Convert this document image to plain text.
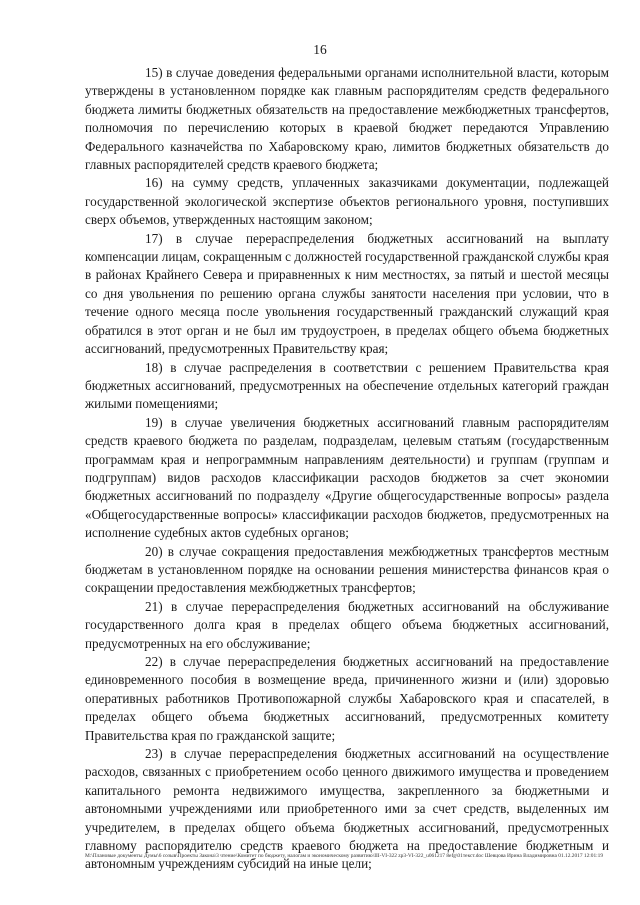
16

15) в случае доведения федеральными органами исполнительной власти, которым утверждены в установленном порядке как главным распорядителям средств федерального бюджета лимиты бюджетных обязательств на предоставление межбюджетных трансфертов, полномочия по перечислению которых в краевой бюджет передаются Управлению Федерального казначейства по Хабаровскому краю, лимитов бюджетных обязательств до главных распорядителей средств краевого бюджета;

16) на сумму средств, уплаченных заказчиками документации, подлежащей государственной экологической экспертизе объектов регионального уровня, поступивших сверх объемов, утвержденных настоящим законом;

17) в случае перераспределения бюджетных ассигнований на выплату компенсации лицам, сокращенным с должностей государственной гражданской службы края в районах Крайнего Севера и приравненных к ним местностях, за пятый и шестой месяцы со дня увольнения по решению органа службы занятости населения при условии, что в течение одного месяца после увольнения государственный гражданский служащий края обратился в этот орган и не был им трудоустроен, в пределах общего объема бюджетных ассигнований, предусмотренных Правительству края;

18) в случае распределения в соответствии с решением Правительства края бюджетных ассигнований, предусмотренных на обеспечение отдельных категорий граждан жилыми помещениями;

19) в случае увеличения бюджетных ассигнований главным распорядителям средств краевого бюджета по разделам, подразделам, целевым статьям (государственным программам края и непрограммным направлениям деятельности) и группам (группам и подгруппам) видов расходов классификации расходов бюджетов за счет экономии бюджетных ассигнований по подразделу «Другие общегосударственные вопросы» раздела «Общегосударственные вопросы» классификации расходов бюджетов, предусмотренных на исполнение судебных актов судебных органов;

20) в случае сокращения предоставления межбюджетных трансфертов местным бюджетам в установленном порядке на основании решения министерства финансов края о сокращении предоставления межбюджетных трансфертов;

21) в случае перераспределения бюджетных ассигнований на обслуживание государственного долга края в пределах общего объема бюджетных ассигнований, предусмотренных на его обслуживание;

22) в случае перераспределения бюджетных ассигнований на предоставление единовременного пособия в возмещение вреда, причиненного жизни и (или) здоровью оперативных работников Противопожарной службы Хабаровского края и спасателей, в пределах общего объема бюджетных ассигнований, предусмотренных комитету Правительства края по гражданской защите;

23) в случае перераспределения бюджетных ассигнований на осуществление расходов, связанных с приобретением особо ценного движимого имущества и проведением капитального ремонта недвижимого имущества, закрепленного за бюджетными и автономными учреждениями или приобретенного ими за счет средств, выделенных им учредителем, в пределах общего объема бюджетных ассигнований, предусмотренных главному распорядителю средств краевого бюджета на предоставление бюджетным и автономным учреждениям субсидий на иные цели;

M:\Плановые документы Думы\6 созыв\Проекты Закона\3 чтение\Комитет по бюджету, налогам и экономическому развитию\III-VI-322 zp3-VI-322_u061217 8efg\01текст.doc Шевцова Ирина Владимировна 01.12.2017 12:01:19
